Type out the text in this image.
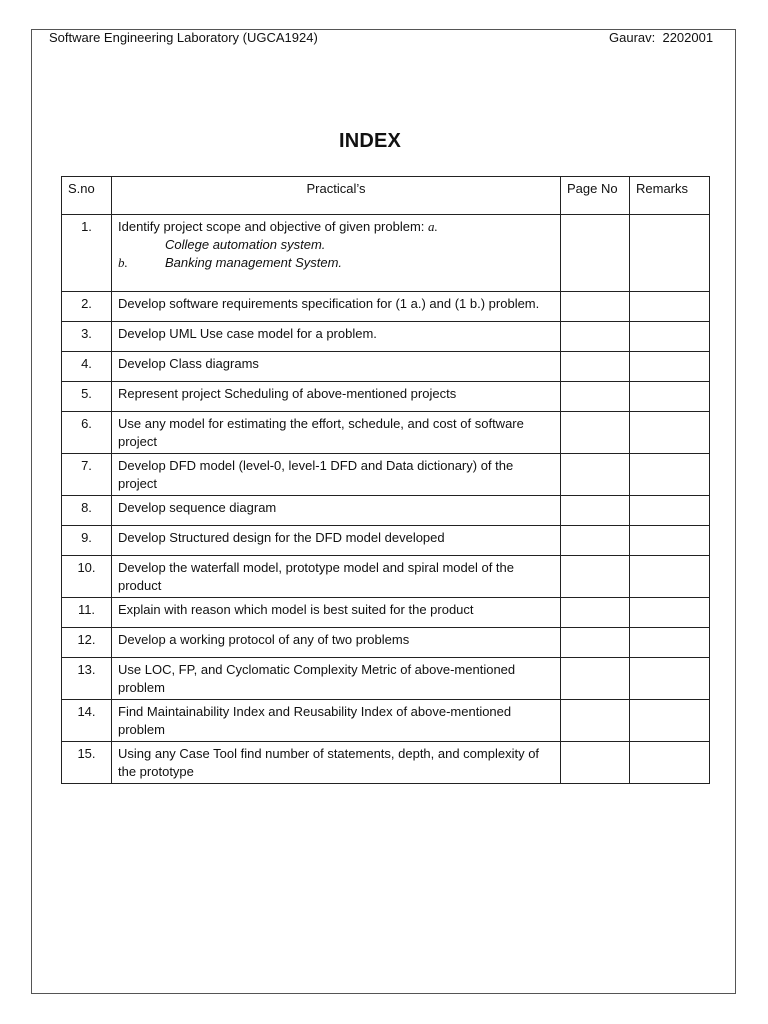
Software Engineering Laboratory (UGCA1924)	Gaurav:  2202001
INDEX
S.no	Practical’s	Page No	Remarks
1.	Identify project scope and objective of given problem: a.
College automation system.
b. Banking management System.		

2.	Develop software requirements specification for (1 a.) and (1 b.) problem.		
3.	Develop UML Use case model for a problem.		
4.	Develop Class diagrams		
5.	Represent project Scheduling of above-mentioned projects		
6.	Use any model for estimating the effort, schedule, and cost of software project		
7.	Develop DFD model (level-0, level-1 DFD and Data dictionary) of the project		
8.	Develop sequence diagram		
9.	Develop Structured design for the DFD model developed		
10.	Develop the waterfall model, prototype model and spiral model of the product		
11.	Explain with reason which model is best suited for the product		
12.	Develop a working protocol of any of two problems		
13.	Use LOC, FP, and Cyclomatic Complexity Metric of above-mentioned problem		
14.	Find Maintainability Index and Reusability Index of above-mentioned problem		
15.	Using any Case Tool find number of statements, depth, and complexity of the prototype		
